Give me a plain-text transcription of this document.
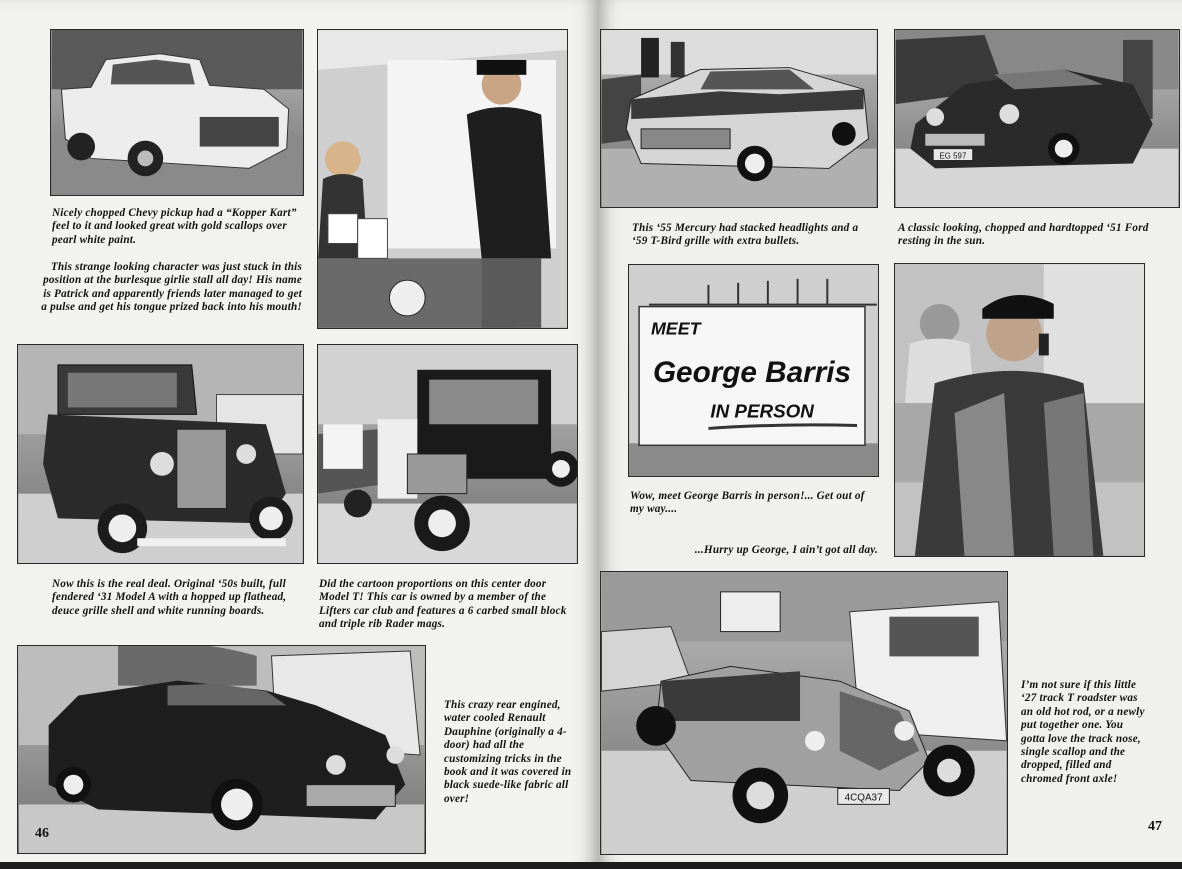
Nicely chopped Chevy pickup had a “Kopper Kart” feel to it and looked great with gold scallops over pearl white paint.
This strange looking character was just stuck in this position at the burlesque girlie stall all day! His name is Patrick and apparently friends later managed to get a pulse and get his tongue prized back into his mouth!
Now this is the real deal. Original ‘50s built, full fendered ‘31 Model A with a hopped up flathead, deuce grille shell and white running boards.
Did the cartoon proportions on this center door Model T! This car is owned by a member of the Lifters car club and features a 6 carbed small block and triple rib Rader mags.
This crazy rear engined, water cooled Renault Dauphine (originally a 4-door) had all the customizing tricks in the book and it was covered in black suede-like fabric all over!
46
This ‘55 Mercury had stacked headlights and a ‘59 T-Bird grille with extra bullets.
EG 597
A classic looking, chopped and hardtopped ‘51 Ford resting in the sun.
MEET
George Barris
IN PERSON
Wow, meet George Barris in person!... Get out of my way....
...Hurry up George, I ain’t got all day.
4CQA37
I’m not sure if this little ‘27 track T roadster was an old hot rod, or a newly put together one. You gotta love the track nose, single scallop and the dropped, filled and chromed front axle!
47
